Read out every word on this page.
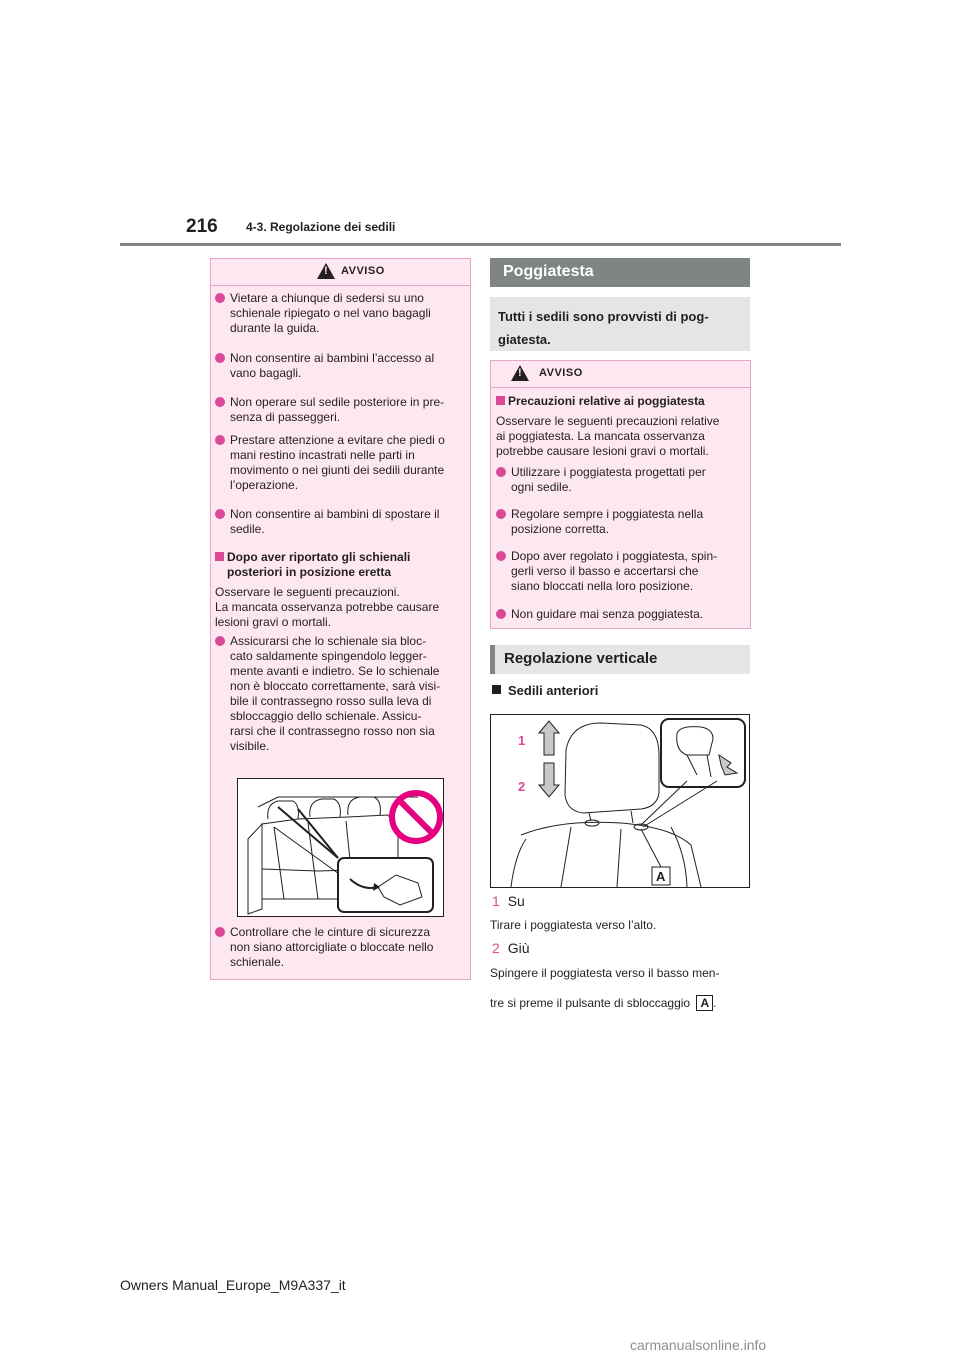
216 4-3. Regolazione dei sedili
!
AVVISO
Vietare a chiunque di sedersi su uno
schienale ripiegato o nel vano bagagli
durante la guida.
Non consentire ai bambini l’accesso al
vano bagagli.
Non operare sul sedile posteriore in pre-
senza di passeggeri.
Prestare attenzione a evitare che piedi o
mani restino incastrati nelle parti in
movimento o nei giunti dei sedili durante
l’operazione.
Non consentire ai bambini di spostare il
sedile.
Dopo aver riportato gli schienali
posteriori in posizione eretta
Osservare le seguenti precauzioni.
La mancata osservanza potrebbe causare
lesioni gravi o mortali.
Assicurarsi che lo schienale sia bloc-
cato saldamente spingendolo legger-
mente avanti e indietro. Se lo schienale
non è bloccato correttamente, sarà visi-
bile il contrassegno rosso sulla leva di
sbloccaggio dello schienale. Assicu-
rarsi che il contrassegno rosso non sia
visibile.
Controllare che le cinture di sicurezza
non siano attorcigliate o bloccate nello
schienale.
Poggiatesta
Tutti i sedili sono provvisti di pog-
giatesta.
!
AVVISO
Precauzioni relative ai poggiatesta
Osservare le seguenti precauzioni relative
ai poggiatesta. La mancata osservanza
potrebbe causare lesioni gravi o mortali.
Utilizzare i poggiatesta progettati per
ogni sedile.
Regolare sempre i poggiatesta nella
posizione corretta.
Dopo aver regolato i poggiatesta, spin-
gerli verso il basso e accertarsi che
siano bloccati nella loro posizione.
Non guidare mai senza poggiatesta.
Regolazione verticale
Sedili anteriori
1
2
A
1 Su
Tirare i poggiatesta verso l’alto.
2 Giù
Spingere il poggiatesta verso il basso men-
tre si preme il pulsante di sbloccaggio A .
Owners Manual_Europe_M9A337_it
carmanualsonline.info
